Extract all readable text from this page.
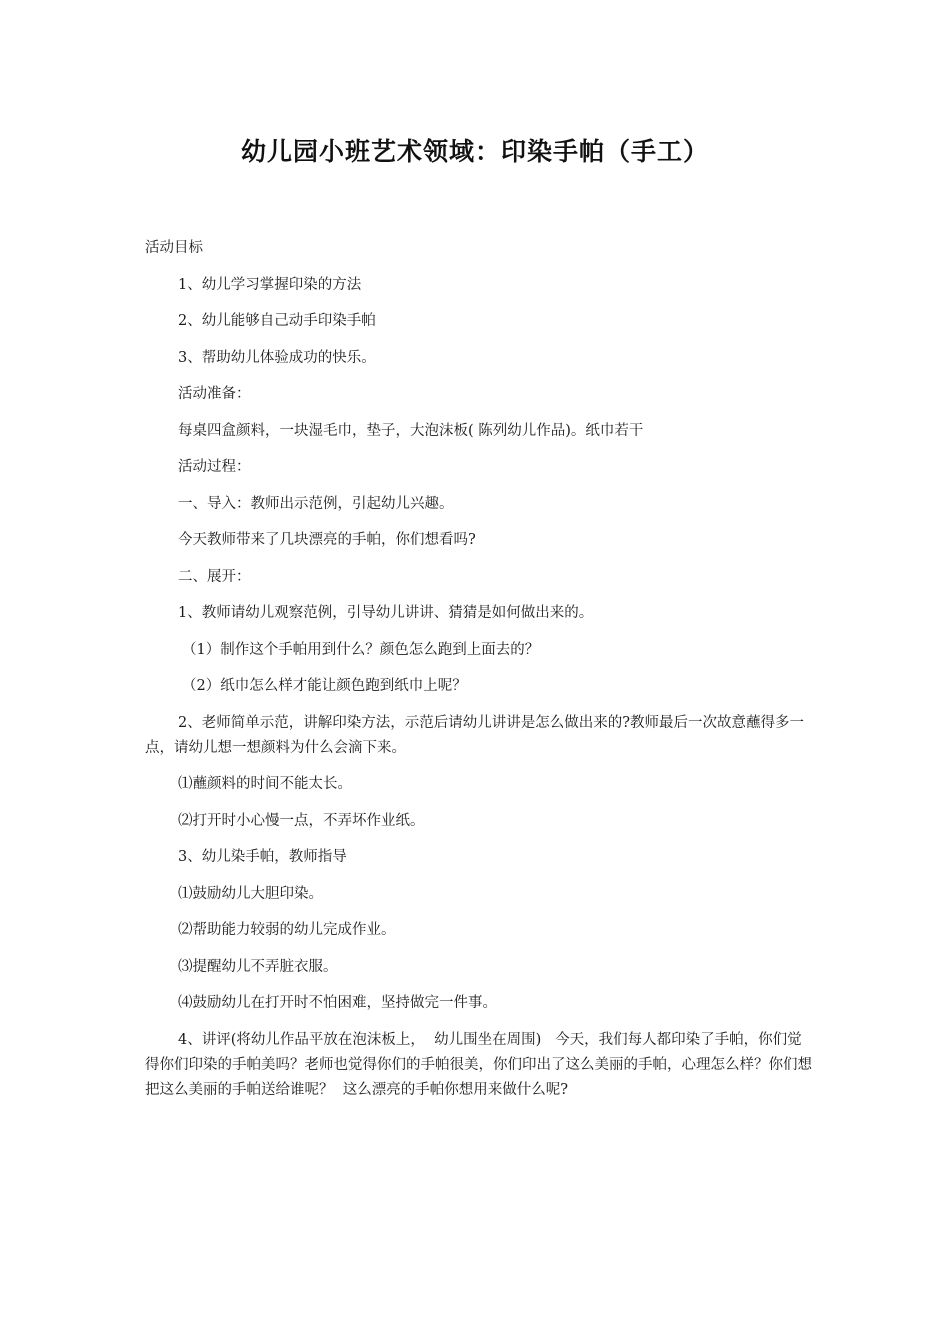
幼儿园小班艺术领域：印染手帕（手工）

活动目标

1、幼儿学习掌握印染的方法

2、幼儿能够自己动手印染手帕

3、帮助幼儿体验成功的快乐。

活动准备：

每桌四盒颜料，一块湿毛巾，垫子，大泡沫板( 陈列幼儿作品)。纸巾若干

活动过程：

一、导入：教师出示范例，引起幼儿兴趣。

今天教师带来了几块漂亮的手帕，你们想看吗?

二、展开：

1、教师请幼儿观察范例，引导幼儿讲讲、猜猜是如何做出来的。

（1）制作这个手帕用到什么？颜色怎么跑到上面去的？

（2）纸巾怎么样才能让颜色跑到纸巾上呢？

2、老师简单示范，讲解印染方法，示范后请幼儿讲讲是怎么做出来的?教师最后一次故意蘸得多一点，请幼儿想一想颜料为什么会滴下来。

⑴蘸颜料的时间不能太长。

⑵打开时小心慢一点，不弄坏作业纸。

3、幼儿染手帕，教师指导

⑴鼓励幼儿大胆印染。

⑵帮助能力较弱的幼儿完成作业。

⑶提醒幼儿不弄脏衣服。

⑷鼓励幼儿在打开时不怕困难，坚持做完一件事。

4、讲评(将幼儿作品平放在泡沫板上，  幼儿围坐在周围)   今天，我们每人都印染了手帕，你们觉得你们印染的手帕美吗？老师也觉得你们的手帕很美，你们印出了这么美丽的手帕，心理怎么样？你们想把这么美丽的手帕送给谁呢？  这么漂亮的手帕你想用来做什么呢?
